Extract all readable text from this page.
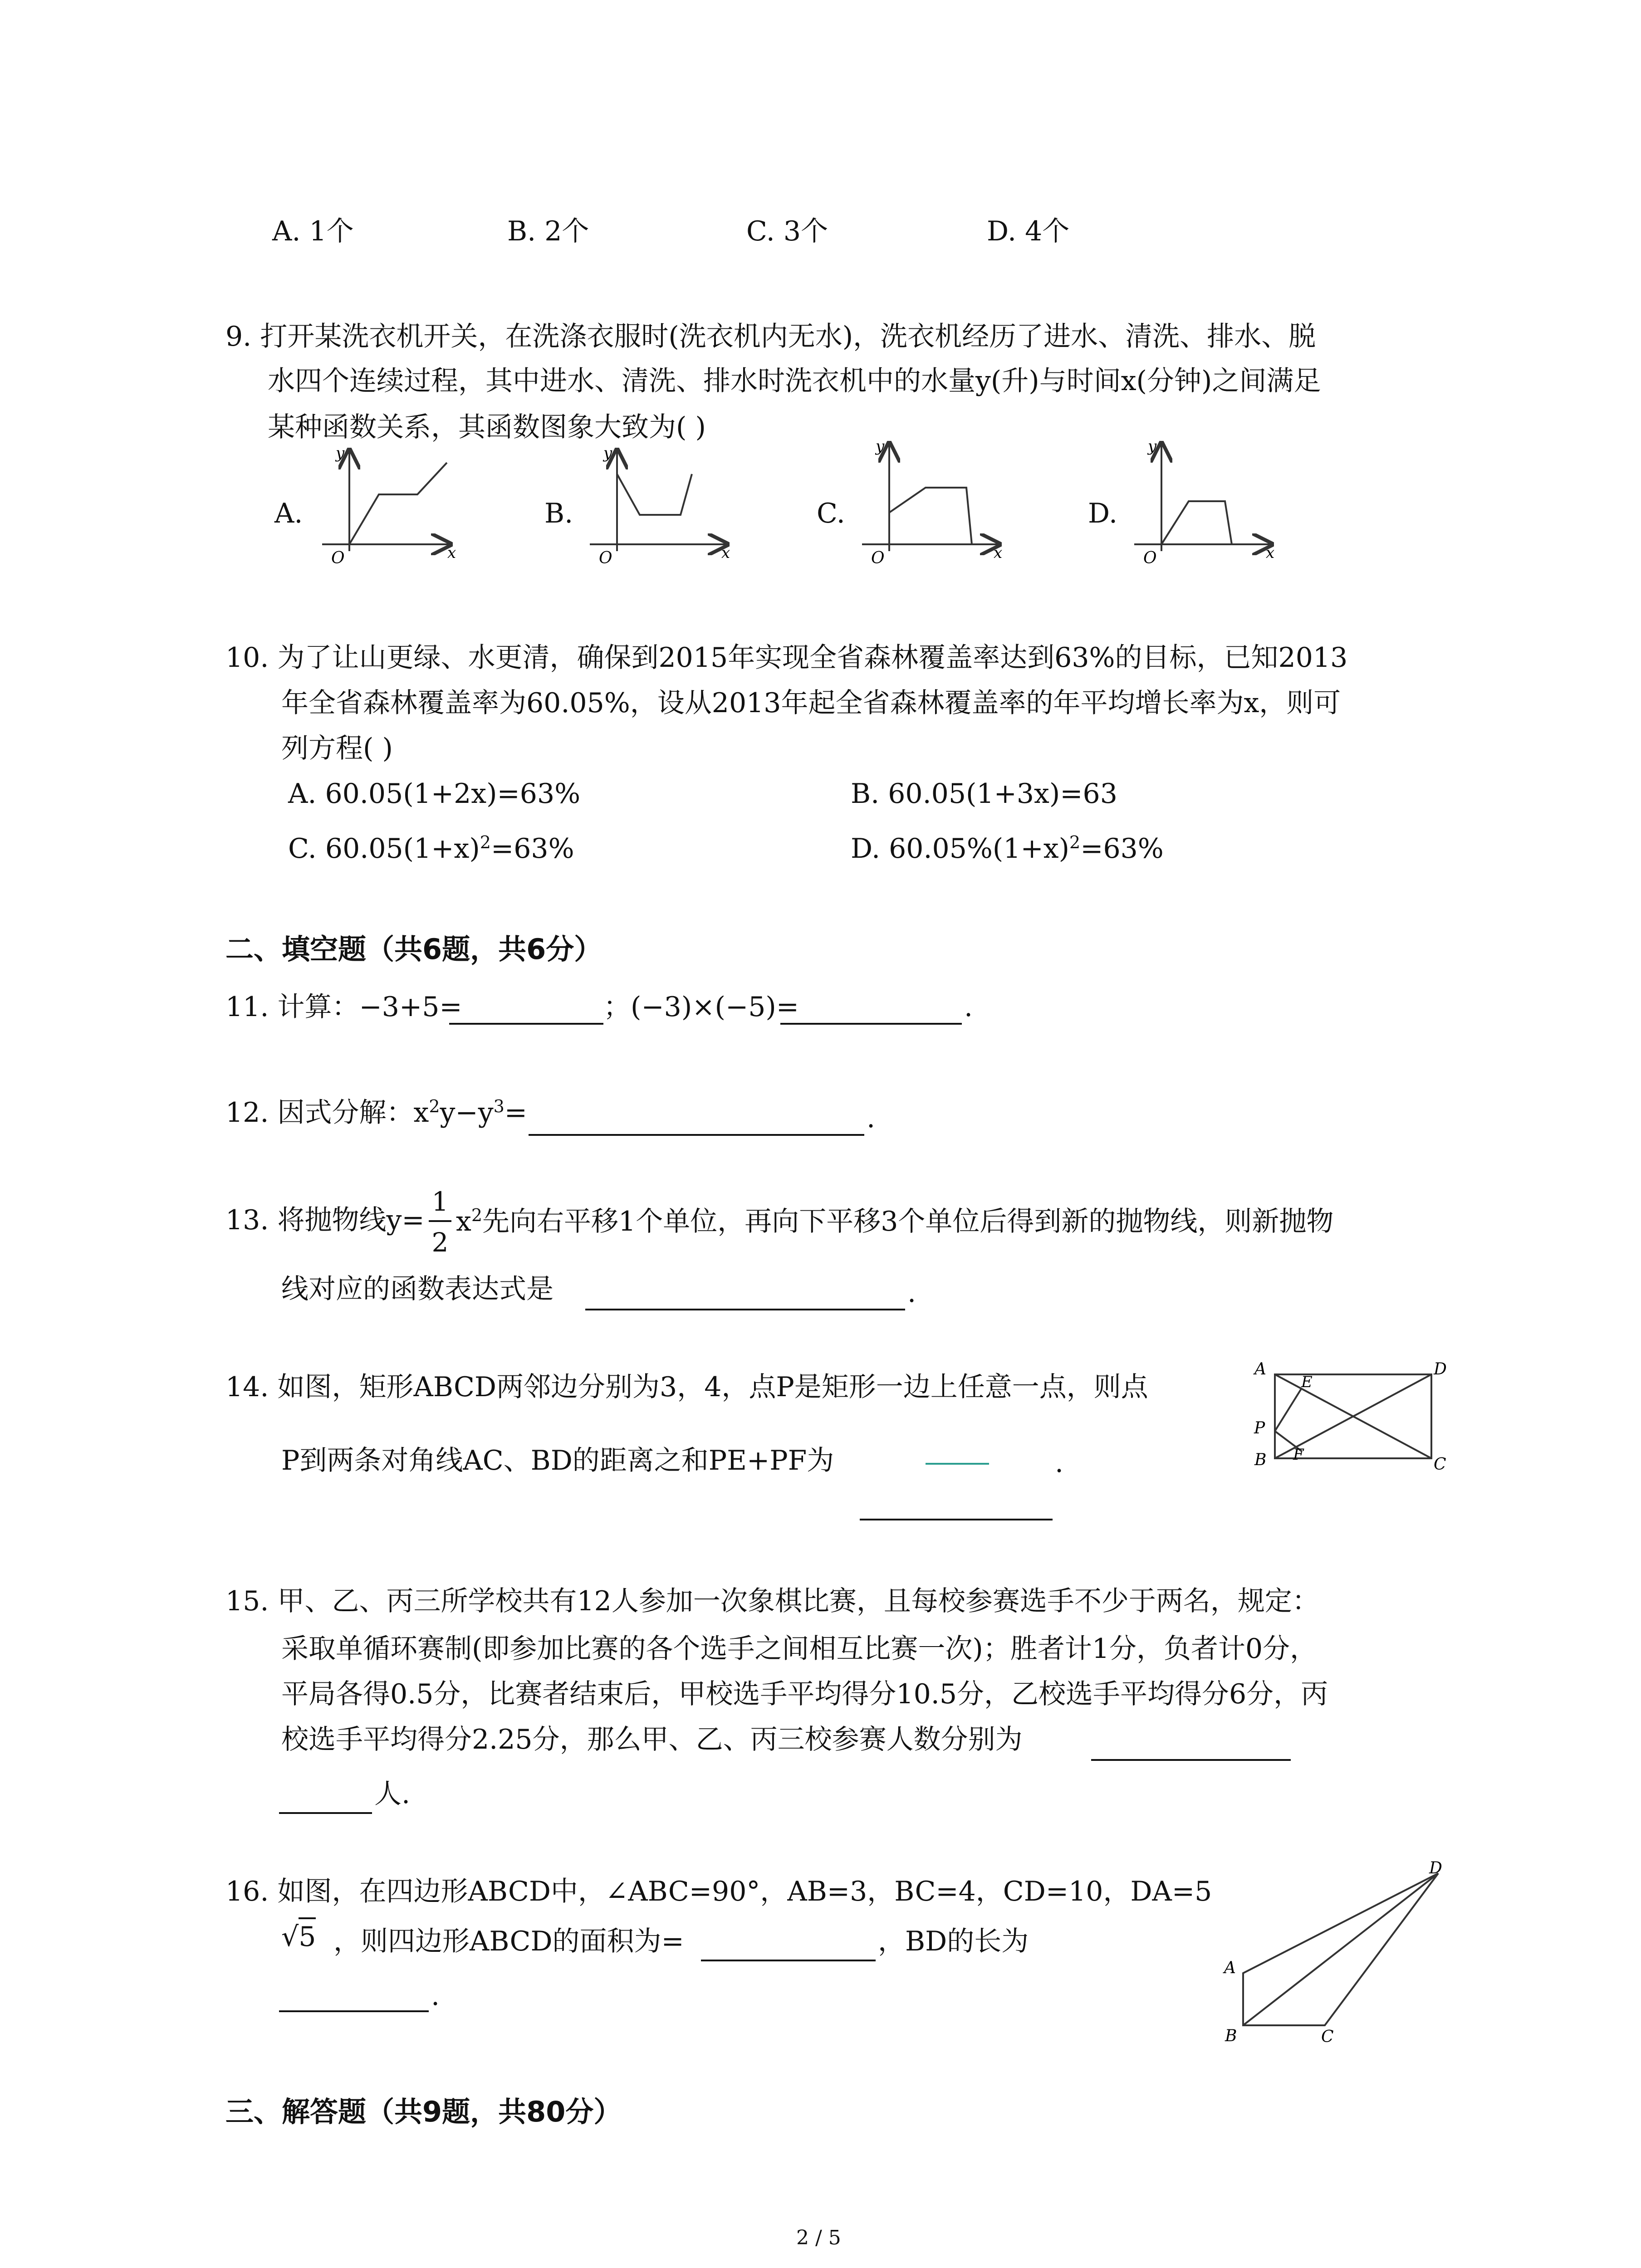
A. 1个	B. 2个	C. 3个	D. 4个
9. 打开某洗衣机开关，在洗涤衣服时(洗衣机内无水)，洗衣机经历了进水、清洗、排水、脱
水四个连续过程，其中进水、清洗、排水时洗衣机中的水量y(升)与时间x(分钟)之间满足
某种函数关系，其函数图象大致为( )
A.	B.	C.	D.
y
x
O
y
x
O
y
x
O
y
x
O
10. 为了让山更绿、水更清，确保到2015年实现全省森林覆盖率达到63%的目标，已知2013
年全省森林覆盖率为60.05%，设从2013年起全省森林覆盖率的年平均增长率为x，则可
列方程( )
A. 60.05(1+2x)=63%	B. 60.05(1+3x)=63
C. $60.05(1+x)^2=63\%$	D. $60.05\%(1+x)^2=63\%$
二、填空题（共6题，共6分）
11. 计算：−3+5=	；(−3)×(−5)=	.
12. 因式分解：$x^2y-y^3=$	.
13. 将抛物线y=
1
2
$x^2$先向右平移1个单位，再向下平移3个单位后得到新的抛物线，则新抛物
线对应的函数表达式是	.
14. 如图，矩形ABCD两邻边分别为3，4，点P是矩形一边上任意一点，则点
P到两条对角线AC、BD的距离之和PE+PF为	.
A	D
B	C
E
F
P
15. 甲、乙、丙三所学校共有12人参加一次象棋比赛，且每校参赛选手不少于两名，规定：
采取单循环赛制(即参加比赛的各个选手之间相互比赛一次)；胜者计1分，负者计0分，
平局各得0.5分，比赛者结束后，甲校选手平均得分10.5分，乙校选手平均得分6分，丙
校选手平均得分2.25分，那么甲、乙、丙三校参赛人数分别为
人.
16. 如图，在四边形ABCD中，∠ABC=90°，AB=3，BC=4，CD=10，DA=5
√5 ，则四边形ABCD的面积为=	，BD的长为
.
A
B	C
D
三、解答题（共9题，共80分）
2 / 5
